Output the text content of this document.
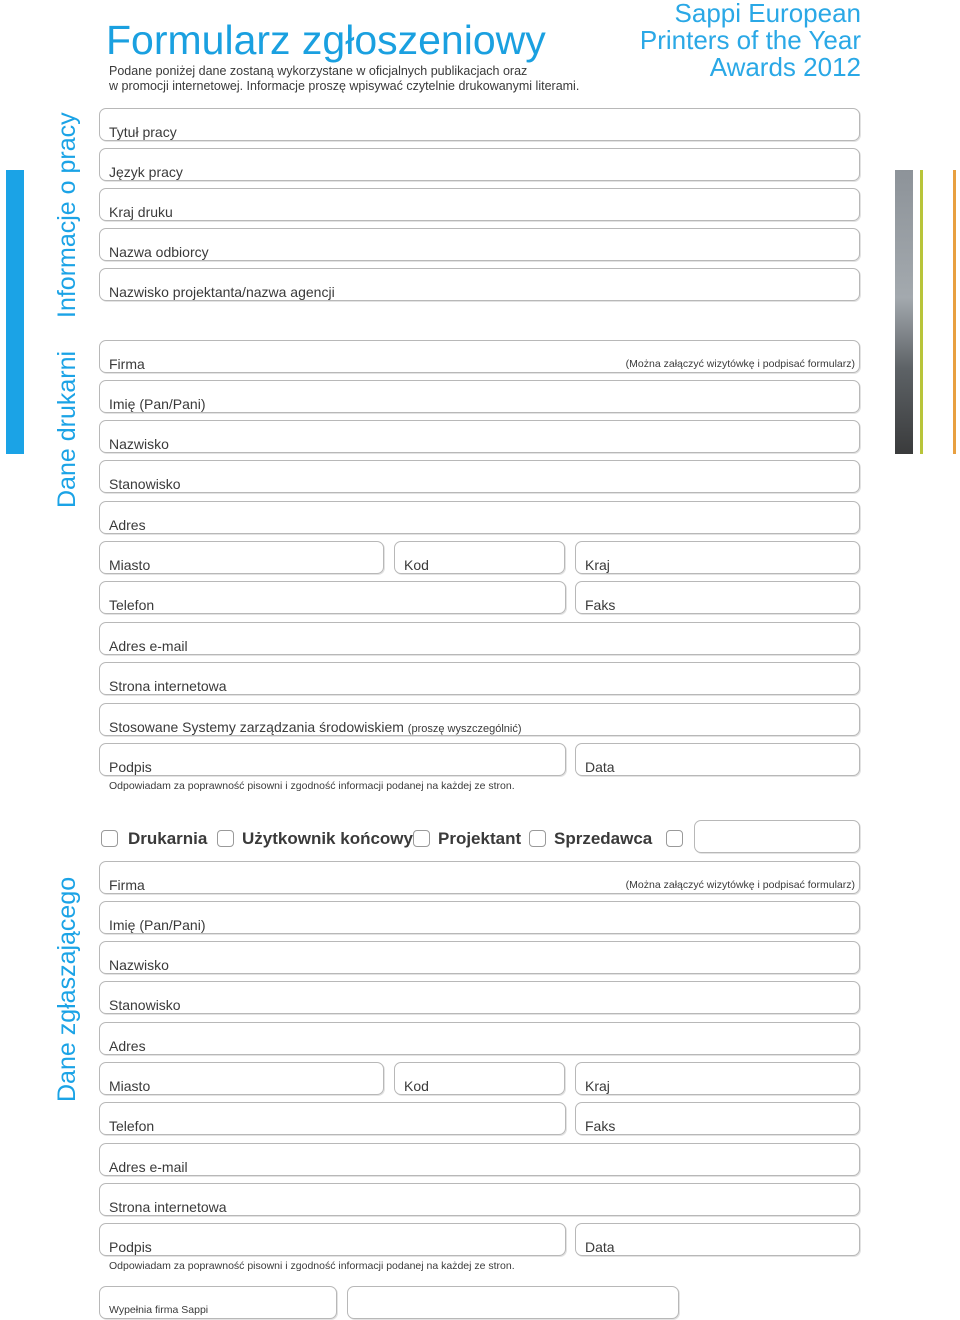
Formularz zgłoszeniowy
Podane poniżej dane zostaną wykorzystane w oficjalnych publikacjach oraz
w promocji internetowej. Informacje proszę wpisywać czytelnie drukowanymi literami.
Sappi European
Printers of the Year
Awards 2012
Informacje o pracy
Dane drukarni
Dane zgłaszającego
Tytuł pracy
Język pracy
Kraj druku
Nazwa odbiorcy
Nazwisko projektanta/nazwa agencji
Firma	(Można załączyć wizytówkę i podpisać formularz)
Imię (Pan/Pani)
Nazwisko
Stanowisko
Adres
Miasto	Kod	Kraj
Telefon	Faks
Adres e-mail
Strona internetowa
Stosowane Systemy zarządzania środowiskiem (proszę wyszczególnić)
Podpis	Data
Odpowiadam za poprawność pisowni i zgodność informacji podanej na każdej ze stron.
Drukarnia Użytkownik końcowy Projektant Sprzedawca
Firma	(Można załączyć wizytówkę i podpisać formularz)
Imię (Pan/Pani)
Nazwisko
Stanowisko
Adres
Miasto	Kod	Kraj
Telefon	Faks
Adres e-mail
Strona internetowa
Podpis	Data
Odpowiadam za poprawność pisowni i zgodność informacji podanej na każdej ze stron.
Wypełnia firma Sappi
